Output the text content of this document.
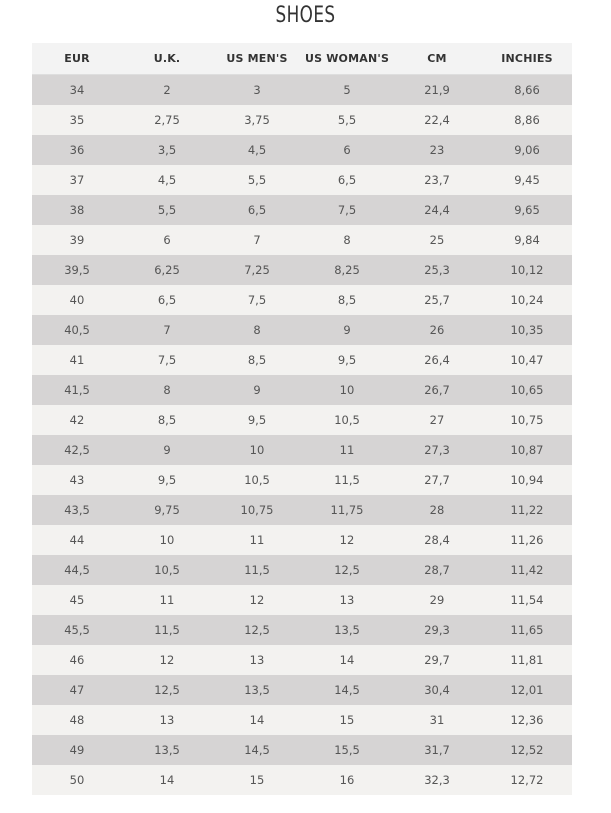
SHOES
EUR	U.K.	US MEN'S	US WOMAN'S	CM	INCHIES
34	2	3	5	21,9	8,66
35	2,75	3,75	5,5	22,4	8,86
36	3,5	4,5	6	23	9,06
37	4,5	5,5	6,5	23,7	9,45
38	5,5	6,5	7,5	24,4	9,65
39	6	7	8	25	9,84
39,5	6,25	7,25	8,25	25,3	10,12
40	6,5	7,5	8,5	25,7	10,24
40,5	7	8	9	26	10,35
41	7,5	8,5	9,5	26,4	10,47
41,5	8	9	10	26,7	10,65
42	8,5	9,5	10,5	27	10,75
42,5	9	10	11	27,3	10,87
43	9,5	10,5	11,5	27,7	10,94
43,5	9,75	10,75	11,75	28	11,22
44	10	11	12	28,4	11,26
44,5	10,5	11,5	12,5	28,7	11,42
45	11	12	13	29	11,54
45,5	11,5	12,5	13,5	29,3	11,65
46	12	13	14	29,7	11,81
47	12,5	13,5	14,5	30,4	12,01
48	13	14	15	31	12,36
49	13,5	14,5	15,5	31,7	12,52
50	14	15	16	32,3	12,72
